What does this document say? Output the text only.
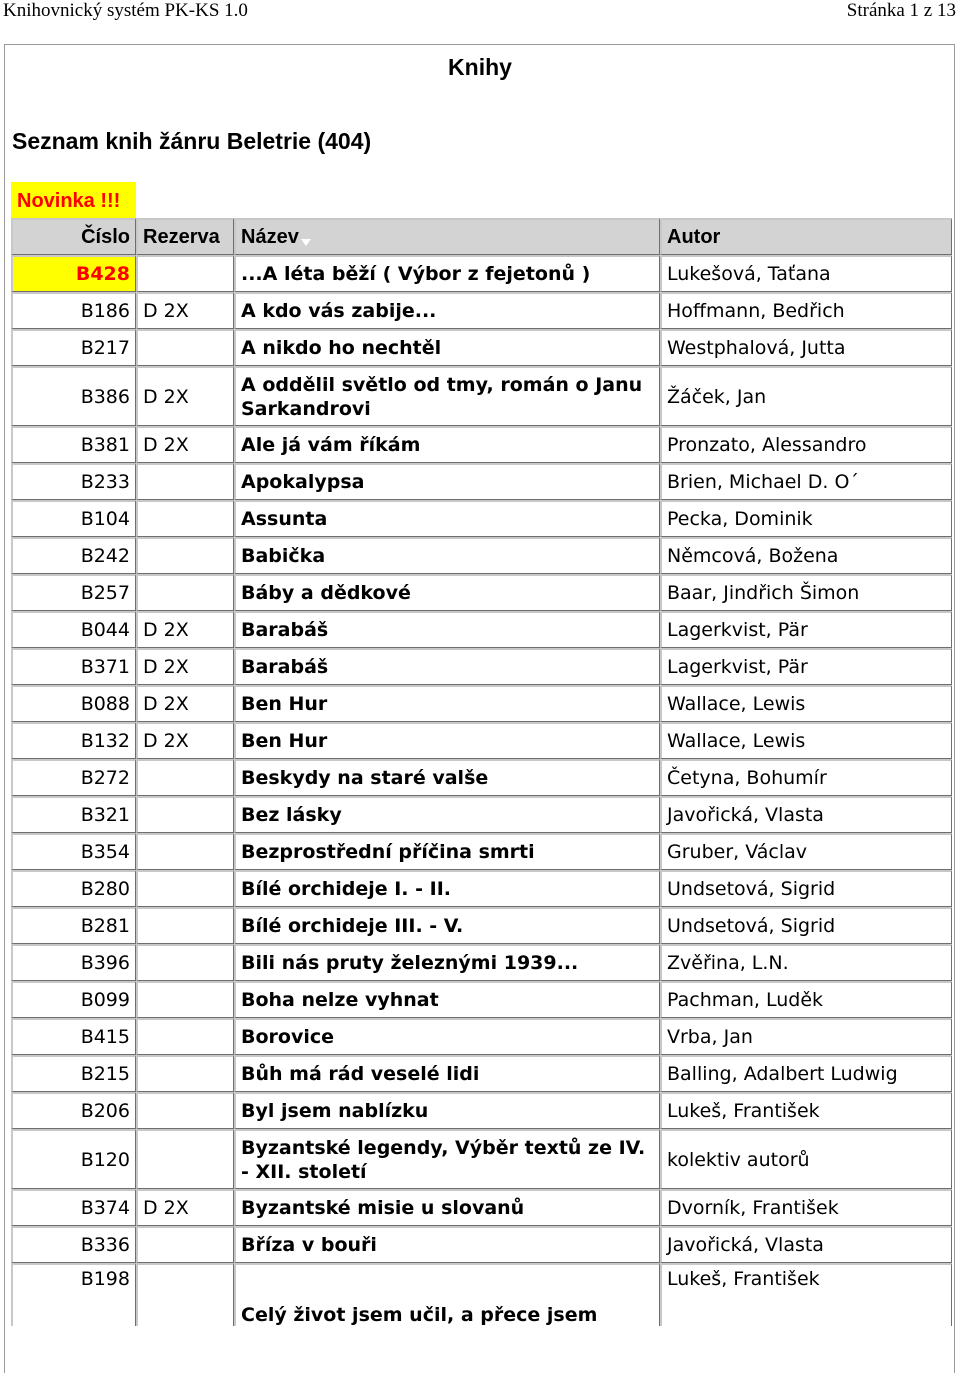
Knihovnický systém PK-KS 1.0	Stránka 1 z 13
Knihy
Seznam knih žánru Beletrie (404)
Novinka !!!
Číslo	Rezerva	Název	Autor
B428		...A léta běží ( Výbor z fejetonů )	Lukešová, Taťana
B186	D 2X	A kdo vás zabije...	Hoffmann, Bedřich
B217		A nikdo ho nechtěl	Westphalová, Jutta
B386	D 2X	A oddělil světlo od tmy, román o Janu Sarkandrovi	Žáček, Jan
B381	D 2X	Ale já vám říkám	Pronzato, Alessandro
B233		Apokalypsa	Brien, Michael D. O´
B104		Assunta	Pecka, Dominik
B242		Babička	Němcová, Božena
B257		Báby a dědkové	Baar, Jindřich Šimon
B044	D 2X	Barabáš	Lagerkvist, Pär
B371	D 2X	Barabáš	Lagerkvist, Pär
B088	D 2X	Ben Hur	Wallace, Lewis
B132	D 2X	Ben Hur	Wallace, Lewis
B272		Beskydy na staré valše	Četyna, Bohumír
B321		Bez lásky	Javořická, Vlasta
B354		Bezprostřední příčina smrti	Gruber, Václav
B280		Bílé orchideje I. - II.	Undsetová, Sigrid
B281		Bílé orchideje III. - V.	Undsetová, Sigrid
B396		Bili nás pruty železnými 1939...	Zvěřina, L.N.
B099		Boha nelze vyhnat	Pachman, Luděk
B415		Borovice	Vrba, Jan
B215		Bůh má rád veselé lidi	Balling, Adalbert Ludwig
B206		Byl jsem nablízku	Lukeš, František
B120		Byzantské legendy, Výběr textů ze IV. - XII. století	kolektiv autorů
B374	D 2X	Byzantské misie u slovanů	Dvorník, František
B336		Bříza v bouři	Javořická, Vlasta
B198		Celý život jsem učil, a přece jsem	Lukeš, František
